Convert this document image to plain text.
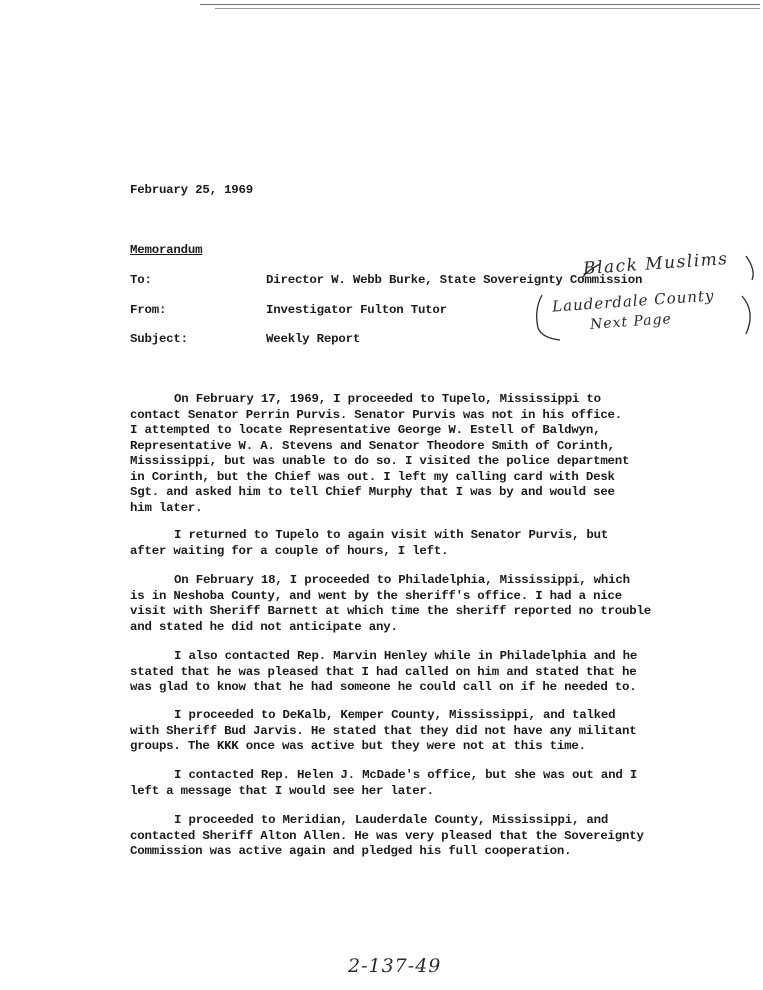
February 25, 1969
Memorandum
To:	Director W. Webb Burke, State Sovereignty Commission
From:	Investigator Fulton Tutor
Subject:	Weekly Report
Black Muslims
Lauderdale County
Next Page
On February 17, 1969, I proceeded to Tupelo, Mississippi to
contact Senator Perrin Purvis. Senator Purvis was not in his office.
I attempted to locate Representative George W. Estell of Baldwyn,
Representative W. A. Stevens and Senator Theodore Smith of Corinth,
Mississippi, but was unable to do so. I visited the police department
in Corinth, but the Chief was out. I left my calling card with Desk
Sgt. and asked him to tell Chief Murphy that I was by and would see
him later.
I returned to Tupelo to again visit with Senator Purvis, but
after waiting for a couple of hours, I left.
On February 18, I proceeded to Philadelphia, Mississippi, which
is in Neshoba County, and went by the sheriff's office. I had a nice
visit with Sheriff Barnett at which time the sheriff reported no trouble
and stated he did not anticipate any.
I also contacted Rep. Marvin Henley while in Philadelphia and he
stated that he was pleased that I had called on him and stated that he
was glad to know that he had someone he could call on if he needed to.
I proceeded to DeKalb, Kemper County, Mississippi, and talked
with Sheriff Bud Jarvis. He stated that they did not have any militant
groups. The KKK once was active but they were not at this time.
I contacted Rep. Helen J. McDade's office, but she was out and I
left a message that I would see her later.
I proceeded to Meridian, Lauderdale County, Mississippi, and
contacted Sheriff Alton Allen. He was very pleased that the Sovereignty
Commission was active again and pledged his full cooperation.
2-137-49
